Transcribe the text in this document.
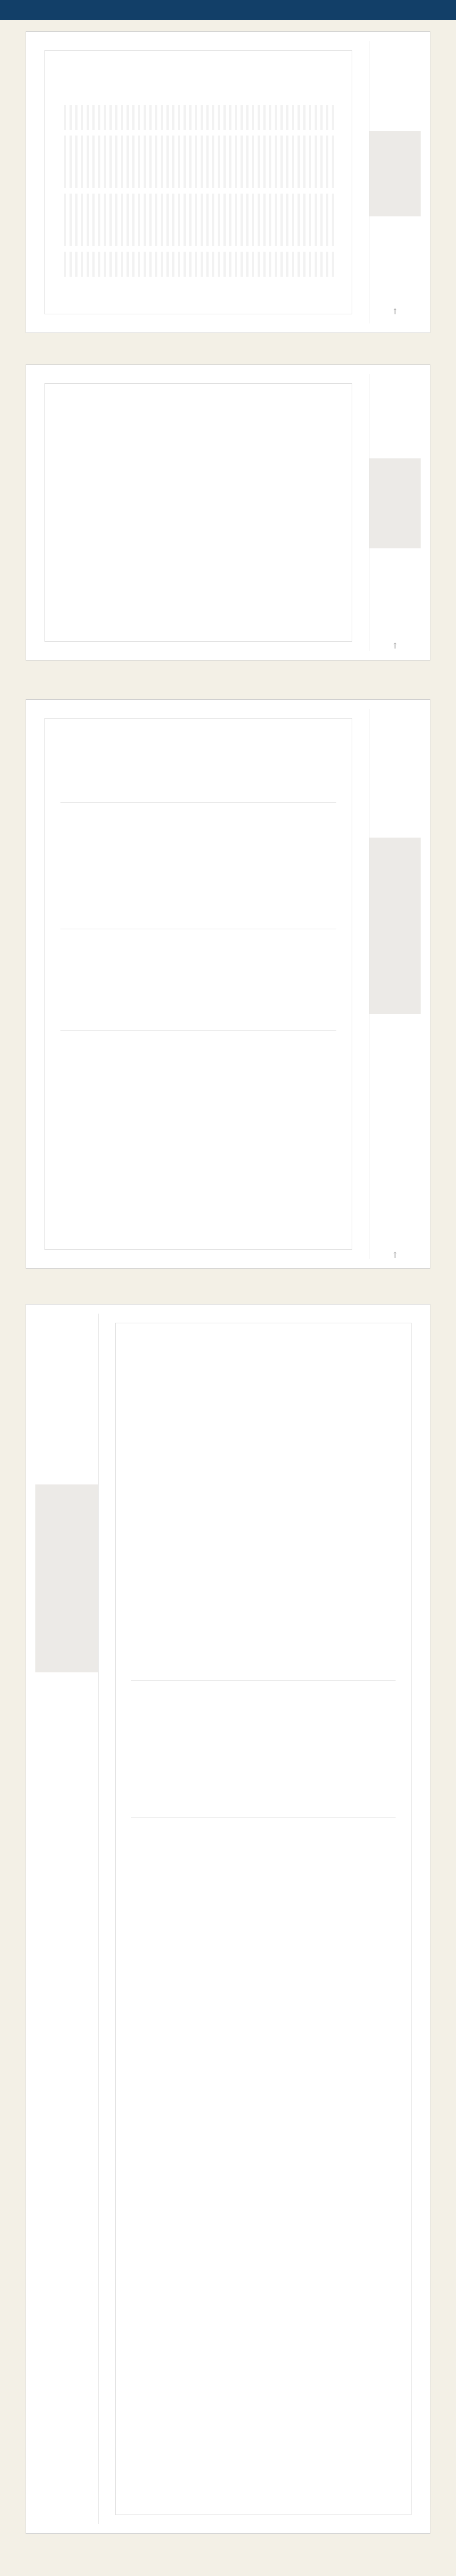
↑
↑
↑
